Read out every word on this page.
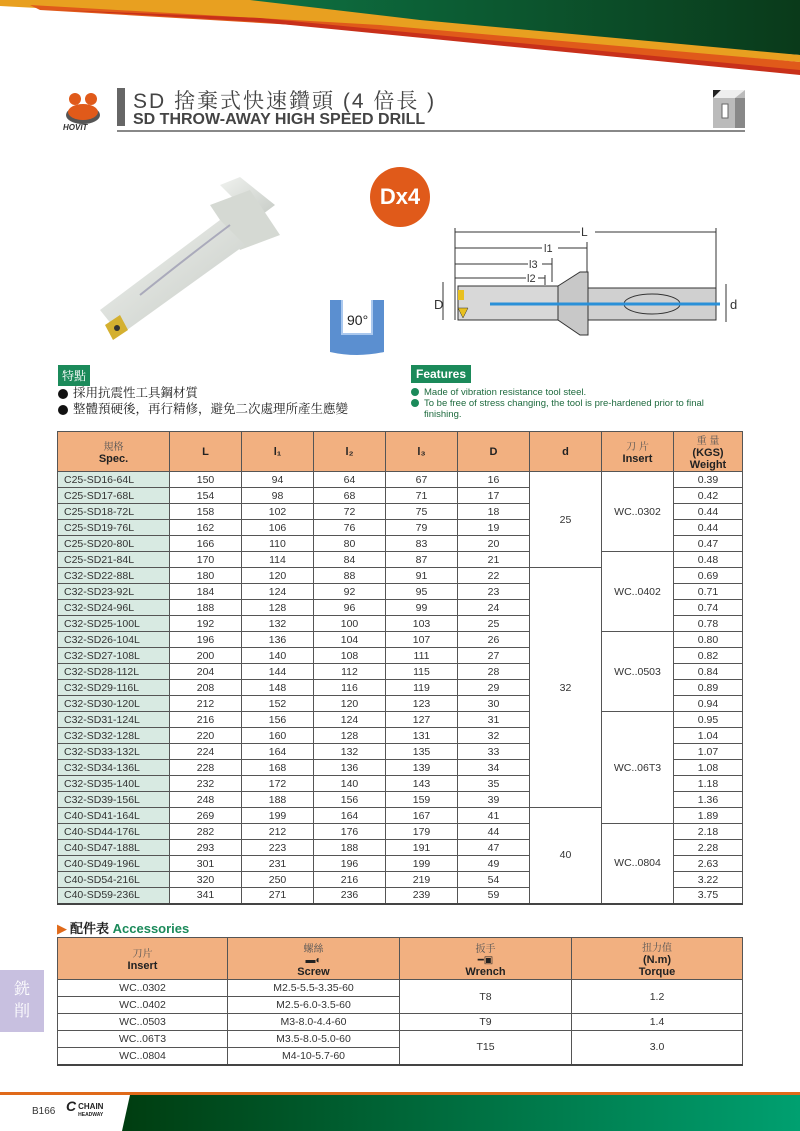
HOVIT
SD 捨棄式快速鑽頭 (4 倍長 )
SD THROW-AWAY HIGH SPEED DRILL
Dx4
90°
L
l1
l3
l2
D	d
特點
採用抗震性工具鋼材質
整體預硬後，再行精修，避免二次處理所產生應變
Features
Made of vibration resistance tool steel.
To be free of stress changing, the tool is pre-hardened prior to final finishing.
規格
Spec.	L	l₁	l₂	l₃	D	d	刀 片
Insert	重 量
(KGS)
Weight
C25-SD16-64L	150	94	64	67	16	25	WC..0302	0.39
C25-SD17-68L	154	98	68	71	17			0.42
C25-SD18-72L	158	102	72	75	18			0.44
C25-SD19-76L	162	106	76	79	19			0.44
C25-SD20-80L	166	110	80	83	20			0.47
C25-SD21-84L	170	114	84	87	21		WC..0402	0.48
C32-SD22-88L	180	120	88	91	22	32		0.69
C32-SD23-92L	184	124	92	95	23			0.71
C32-SD24-96L	188	128	96	99	24			0.74
C32-SD25-100L	192	132	100	103	25			0.78
C32-SD26-104L	196	136	104	107	26		WC..0503	0.80
C32-SD27-108L	200	140	108	111	27			0.82
C32-SD28-112L	204	144	112	115	28			0.84
C32-SD29-116L	208	148	116	119	29			0.89
C32-SD30-120L	212	152	120	123	30			0.94
C32-SD31-124L	216	156	124	127	31		WC..06T3	0.95
C32-SD32-128L	220	160	128	131	32			1.04
C32-SD33-132L	224	164	132	135	33			1.07
C32-SD34-136L	228	168	136	139	34			1.08
C32-SD35-140L	232	172	140	143	35			1.18
C32-SD39-156L	248	188	156	159	39			1.36
C40-SD41-164L	269	199	164	167	41	40		1.89
C40-SD44-176L	282	212	176	179	44		WC..0804	2.18
C40-SD47-188L	293	223	188	191	47			2.28
C40-SD49-196L	301	231	196	199	49			2.63
C40-SD54-216L	320	250	216	219	54			3.22
C40-SD59-236L	341	271	236	239	59			3.75
▶ 配件表 Accessories
刀片
Insert	螺絲
▬◐
Screw	扳手
━▣
Wrench	扭力值
(N.m)
Torque
WC..0302	M2.5-5.5-3.35-60	T8	1.2
WC..0402	M2.5-6.0-3.5-60		
WC..0503	M3-8.0-4.4-60	T9	1.4
WC..06T3	M3.5-8.0-5.0-60	T15	3.0
WC..0804	M4-10-5.7-60		
銑削
B166 C CHAIN
HEADWAY
